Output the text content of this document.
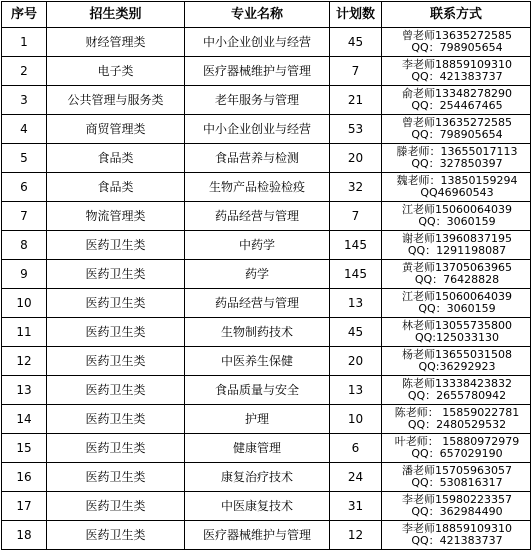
序号	招生类别	专业名称	计划数	联系方式
1	财经管理类	中小企业创业与经营	45	曾老师13635272585
QQ：798905654

2	电子类	医疗器械维护与管理	7	李老师18859109310
QQ：421383737

3	公共管理与服务类	老年服务与管理	21	俞老师13348278290
QQ：254467465

4	商贸管理类	中小企业创业与经营	53	曾老师13635272585
QQ：798905654

5	食品类	食品营养与检测	20	滕老师：13655017113
QQ：327850397

6	食品类	生物产品检验检疫	32	魏老师：13850159294
QQ46960543

7	物流管理类	药品经营与管理	7	江老师15060064039
QQ：3060159

8	医药卫生类	中药学	145	谢老师13960837195
QQ：1291198087

9	医药卫生类	药学	145	黄老师13705063965
QQ：76428828

10	医药卫生类	药品经营与管理	13	江老师15060064039
QQ：3060159

11	医药卫生类	生物制药技术	45	林老师13055735800
QQ:125033130

12	医药卫生类	中医养生保健	20	杨老师13655031508
QQ:36292923

13	医药卫生类	食品质量与安全	13	陈老师13338423832
QQ：2655780942

14	医药卫生类	护理	10	陈老师： 15859022781
QQ：2480529532

15	医药卫生类	健康管理	6	叶老师： 15880972979
QQ：657029190

16	医药卫生类	康复治疗技术	24	潘老师15705963057
QQ：530816317

17	医药卫生类	中医康复技术	31	李老师15980223357
QQ：362984490

18	医药卫生类	医疗器械维护与管理	12	李老师18859109310
QQ：421383737
